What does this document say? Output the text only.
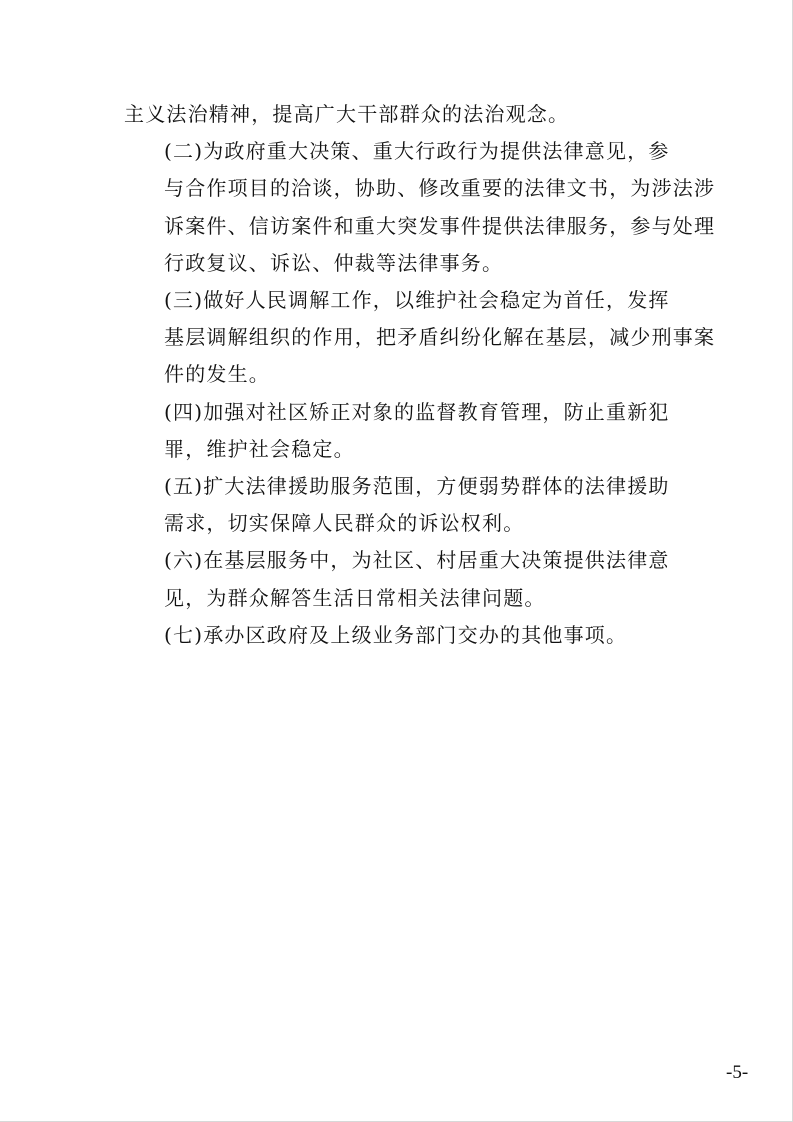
主义法治精神，提高广大干部群众的法治观念。

(二)为政府重大决策、重大行政行为提供法律意见，参
与合作项目的洽谈，协助、修改重要的法律文书，为涉法涉
诉案件、信访案件和重大突发事件提供法律服务，参与处理
行政复议、诉讼、仲裁等法律事务。

(三)做好人民调解工作，以维护社会稳定为首任，发挥
基层调解组织的作用，把矛盾纠纷化解在基层，减少刑事案
件的发生。

(四)加强对社区矫正对象的监督教育管理，防止重新犯
罪，维护社会稳定。

(五)扩大法律援助服务范围，方便弱势群体的法律援助
需求，切实保障人民群众的诉讼权利。

(六)在基层服务中，为社区、村居重大决策提供法律意
见，为群众解答生活日常相关法律问题。

(七)承办区政府及上级业务部门交办的其他事项。

-5-
